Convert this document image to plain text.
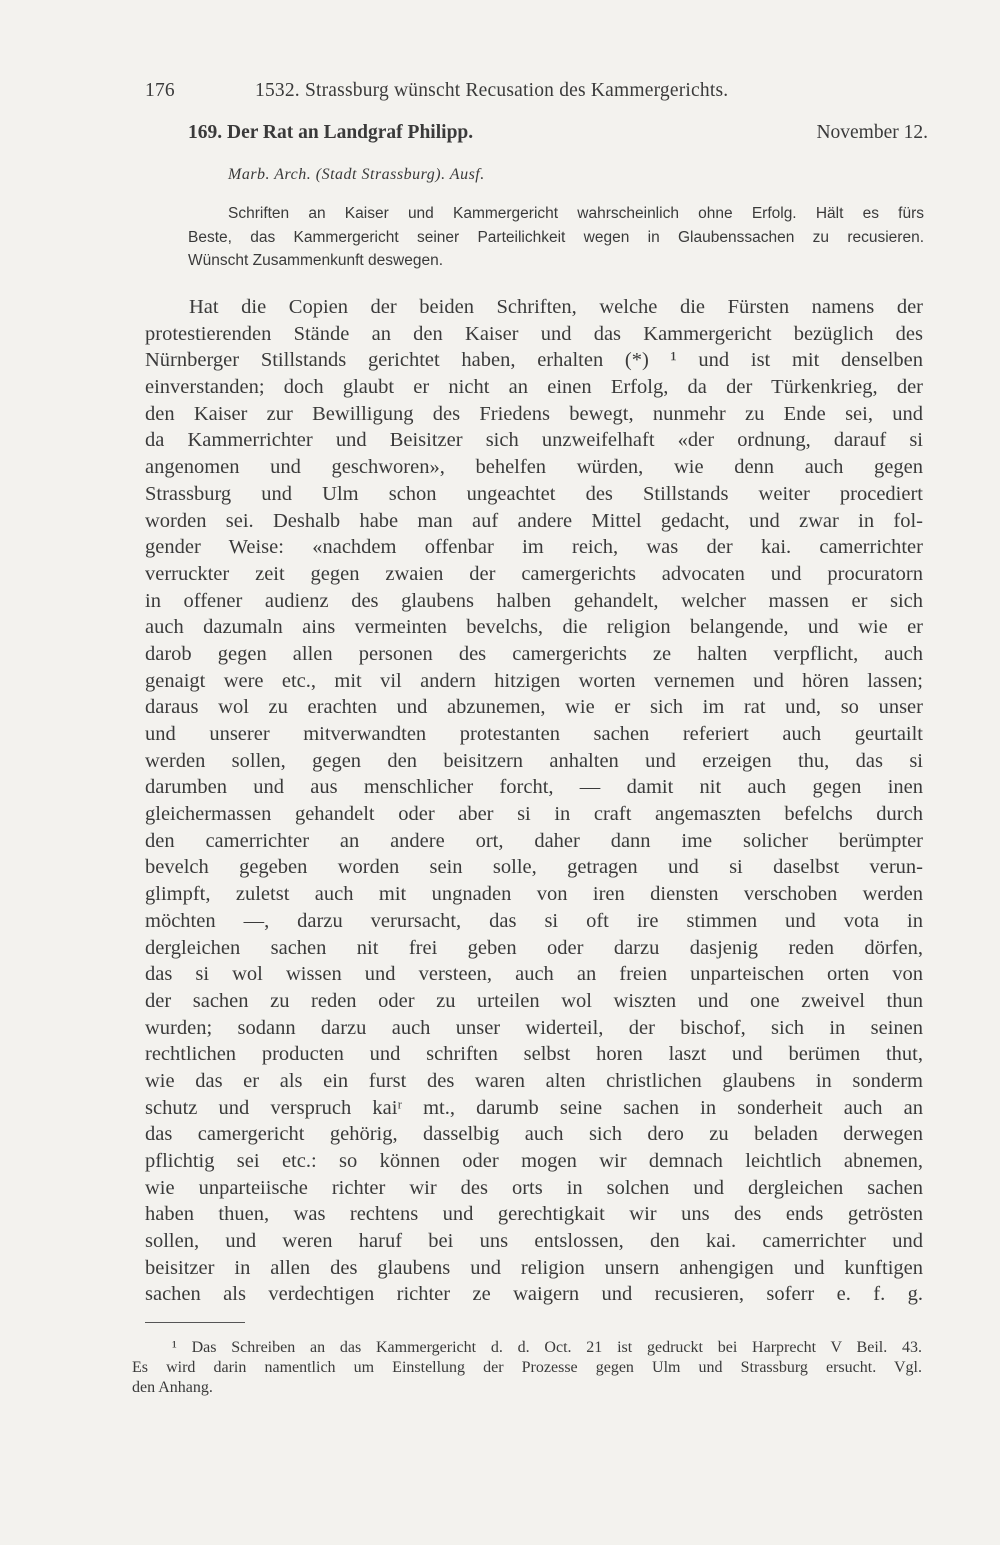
176	1532. Strassburg wünscht Recusation des Kammergerichts.
169. Der Rat an Landgraf Philipp.	November 12.
Marb. Arch. (Stadt Strassburg). Ausf.
Schriften an Kaiser und Kammergericht wahrscheinlich ohne Erfolg. Hält es fürs
Beste, das Kammergericht seiner Parteilichkeit wegen in Glaubenssachen zu recusieren.
Wünscht Zusammenkunft deswegen.
Hat die Copien der beiden Schriften, welche die Fürsten namens der
protestierenden Stände an den Kaiser und das Kammergericht bezüglich des
Nürnberger Stillstands gerichtet haben, erhalten (*) ¹ und ist mit denselben
einverstanden; doch glaubt er nicht an einen Erfolg, da der Türkenkrieg, der
den Kaiser zur Bewilligung des Friedens bewegt, nunmehr zu Ende sei, und
da Kammerrichter und Beisitzer sich unzweifelhaft «der ordnung, darauf si
angenomen und geschworen», behelfen würden, wie denn auch gegen
Strassburg und Ulm schon ungeachtet des Stillstands weiter procediert
worden sei. Deshalb habe man auf andere Mittel gedacht, und zwar in fol-
gender Weise: «nachdem offenbar im reich, was der kai. camerrichter
verruckter zeit gegen zwaien der camergerichts advocaten und procuratorn
in offener audienz des glaubens halben gehandelt, welcher massen er sich
auch dazumaln ains vermeinten bevelchs, die religion belangende, und wie er
darob gegen allen personen des camergerichts ze halten verpflicht, auch
genaigt were etc., mit vil andern hitzigen worten vernemen und hören lassen;
daraus wol zu erachten und abzunemen, wie er sich im rat und, so unser
und unserer mitverwandten protestanten sachen referiert auch geurtailt
werden sollen, gegen den beisitzern anhalten und erzeigen thu, das si
darumben und aus menschlicher forcht, — damit nit auch gegen inen
gleichermassen gehandelt oder aber si in craft angemaszten befelchs durch
den camerrichter an andere ort, daher dann ime solicher berümpter
bevelch gegeben worden sein solle, getragen und si daselbst verun-
glimpft, zuletst auch mit ungnaden von iren diensten verschoben werden
möchten —, darzu verursacht, das si oft ire stimmen und vota in
dergleichen sachen nit frei geben oder darzu dasjenig reden dörfen,
das si wol wissen und versteen, auch an freien unparteischen orten von
der sachen zu reden oder zu urteilen wol wiszten und one zweivel thun
wurden; sodann darzu auch unser widerteil, der bischof, sich in seinen
rechtlichen producten und schriften selbst horen laszt und berümen thut,
wie das er als ein furst des waren alten christlichen glaubens in sonderm
schutz und verspruch kaiʳ mt., darumb seine sachen in sonderheit auch an
das camergericht gehörig, dasselbig auch sich dero zu beladen derwegen
pflichtig sei etc.: so können oder mogen wir demnach leichtlich abnemen,
wie unparteiische richter wir des orts in solchen und dergleichen sachen
haben thuen, was rechtens und gerechtigkait wir uns des ends getrösten
sollen, und weren haruf bei uns entslossen, den kai. camerrichter und
beisitzer in allen des glaubens und religion unsern anhengigen und kunftigen
sachen als verdechtigen richter ze waigern und recusieren, soferr e. f. g.
¹ Das Schreiben an das Kammergericht d. d. Oct. 21 ist gedruckt bei Harprecht V Beil. 43.
Es wird darin namentlich um Einstellung der Prozesse gegen Ulm und Strassburg ersucht. Vgl.
den Anhang.
